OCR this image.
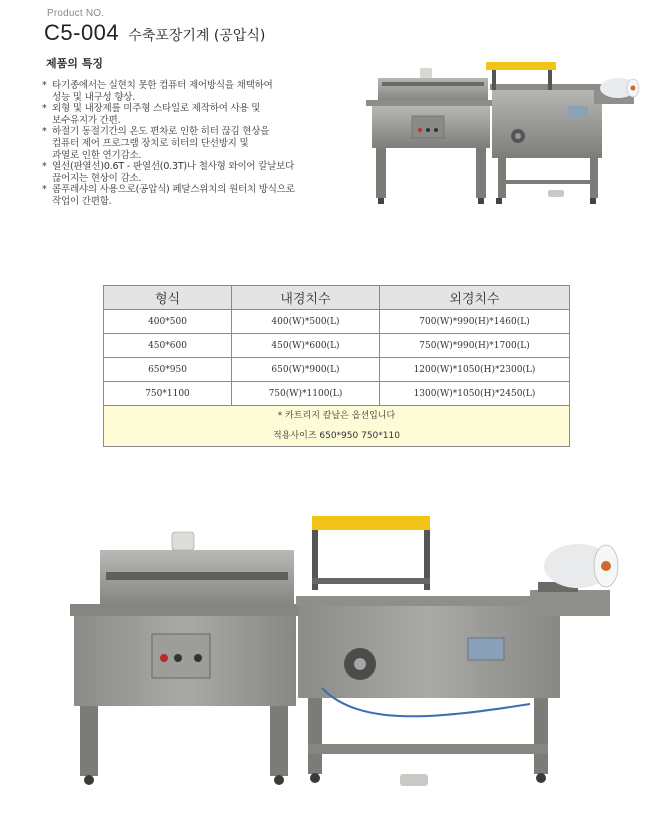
Product NO.
C5-004 수축포장기계 (공압식)
제품의 특징
* 타기종에서는 실현치 못한 컴퓨터 제어방식을 채택하여
성능 및 내구성 향상.
* 외형 및 내장제를 미주형 스타일로 제작하여 사용 및
보수유지가 간편.
* 하절기 동절기간의 온도 편차로 인한 히터 끊김 현상을
컴퓨터 제어 프로그램 장치로 히터의 단선방지 및
과열로 인한 연기감소.
* 열선(판열선)0.6T - 판열선(0.3T)나 철사형 와이어 칼날보다
끊어지는 현상이 감소.
* 콤푸레샤의 사용으로(공압식) 페달스위치의 원터치 방식으로
작업이 간편함.
형식	내경치수	외경치수
400*500	400(W)*500(L)	700(W)*990(H)*1460(L)
450*600	450(W)*600(L)	750(W)*990(H)*1700(L)
650*950	650(W)*900(L)	1200(W)*1050(H)*2300(L)
750*1100	750(W)*1100(L)	1300(W)*1050(H)*2450(L)

* 카트리지 칼날은 옵션입니다
적용사이즈 650*950 750*110		
